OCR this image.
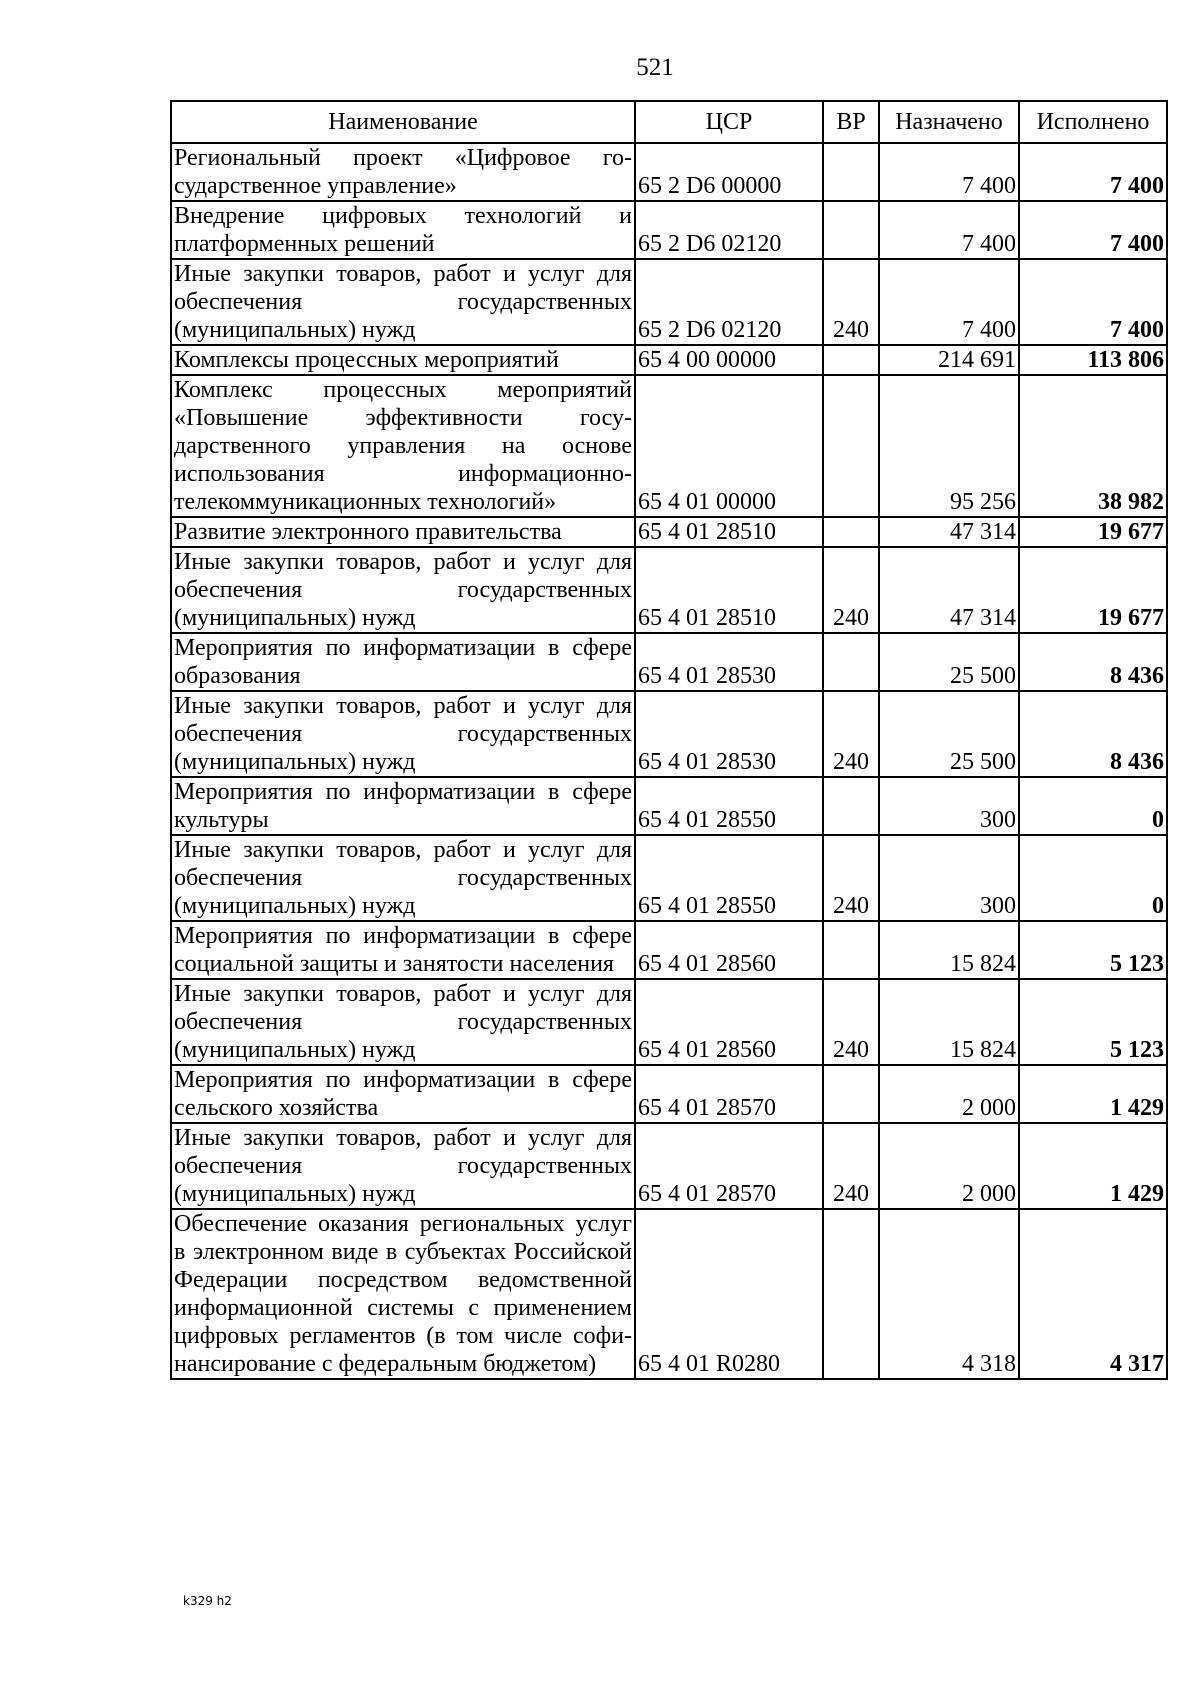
521
Наименование	ЦСР	ВР	Назначено	Исполнено
Региональный проект «Цифровое государственное управление»	65 2 D6 00000		7 400	7 400
Внедрение цифровых технологий и платформенных решений	65 2 D6 02120		7 400	7 400
Иные закупки товаров, работ и услуг для обеспечения государственных (муниципальных) нужд	65 2 D6 02120	240	7 400	7 400
Комплексы процессных мероприятий	65 4 00 00000		214 691	113 806
Комплекс процессных мероприятий «Повышение эффективности государственного управления на основе использования информационно-телекоммуникационных технологий»	65 4 01 00000		95 256	38 982
Развитие электронного правительства	65 4 01 28510		47 314	19 677
Иные закупки товаров, работ и услуг для обеспечения государственных (муниципальных) нужд	65 4 01 28510	240	47 314	19 677
Мероприятия по информатизации в сфере образования	65 4 01 28530		25 500	8 436
Иные закупки товаров, работ и услуг для обеспечения государственных (муниципальных) нужд	65 4 01 28530	240	25 500	8 436
Мероприятия по информатизации в сфере культуры	65 4 01 28550		300	0
Иные закупки товаров, работ и услуг для обеспечения государственных (муниципальных) нужд	65 4 01 28550	240	300	0
Мероприятия по информатизации в сфере социальной защиты и занятости населения	65 4 01 28560		15 824	5 123
Иные закупки товаров, работ и услуг для обеспечения государственных (муниципальных) нужд	65 4 01 28560	240	15 824	5 123
Мероприятия по информатизации в сфере сельского хозяйства	65 4 01 28570		2 000	1 429
Иные закупки товаров, работ и услуг для обеспечения государственных (муниципальных) нужд	65 4 01 28570	240	2 000	1 429
Обеспечение оказания региональных услуг в электронном виде в субъектах Российской Федерации посредством ведомственной информационной системы с применением цифровых регламентов (в том числе софинансирование с федеральным бюджетом)	65 4 01 R0280		4 318	4 317
k329 h2
